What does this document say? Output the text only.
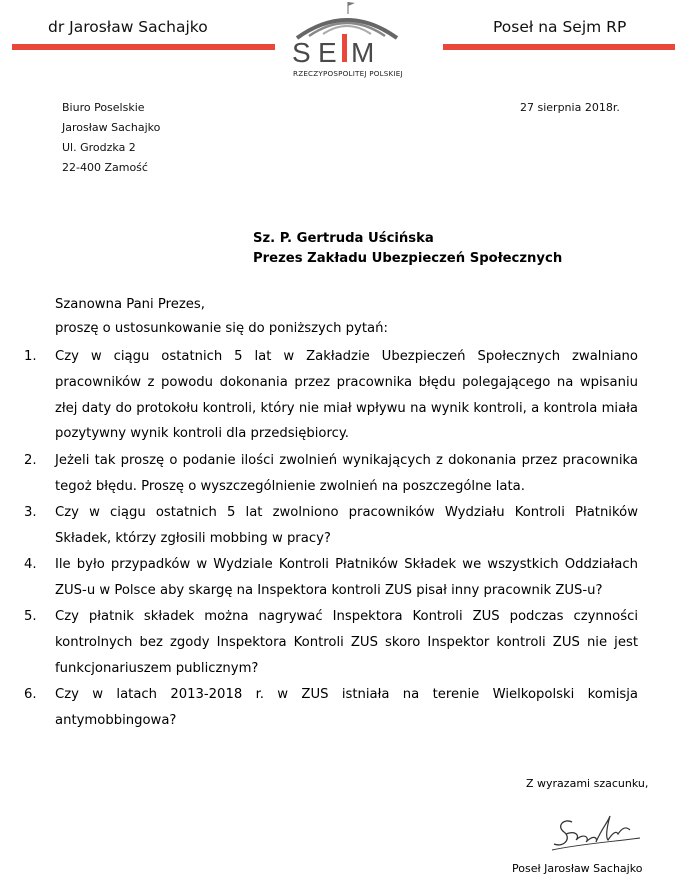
dr Jarosław Sachajko
S E M
RZECZYPOSPOLITEJ POLSKIEJ
Poseł na Sejm RP
Biuro Poselskie
Jarosław Sachajko
Ul. Grodzka 2
22-400 Zamość
27 sierpnia 2018r.
Sz. P. Gertruda Uścińska
Prezes Zakładu Ubezpieczeń Społecznych
Szanowna Pani Prezes,
proszę o ustosunkowanie się do poniższych pytań:
1. Czy w ciągu ostatnich 5 lat w Zakładzie Ubezpieczeń Społecznych zwalniano pracowników z powodu dokonania przez pracownika błędu polegającego na wpisaniu złej daty do protokołu kontroli, który nie miał wpływu na wynik kontroli, a kontrola miała pozytywny wynik kontroli dla przedsiębiorcy.
2. Jeżeli tak proszę o podanie ilości zwolnień wynikających z dokonania przez pracownika tegoż błędu. Proszę o wyszczególnienie zwolnień na poszczególne lata.
3. Czy w ciągu ostatnich 5 lat zwolniono pracowników Wydziału Kontroli Płatników Składek, którzy zgłosili mobbing w pracy?
4. Ile było przypadków w Wydziale Kontroli Płatników Składek we wszystkich Oddziałach ZUS-u w Polsce aby skargę na Inspektora kontroli ZUS pisał inny pracownik ZUS-u?
5. Czy płatnik składek można nagrywać Inspektora Kontroli ZUS podczas czynności kontrolnych bez zgody Inspektora Kontroli ZUS skoro Inspektor kontroli ZUS nie jest funkcjonariuszem publicznym?
6. Czy w latach 2013-2018 r. w ZUS istniała na terenie Wielkopolski komisja antymobbingowa?
Z wyrazami szacunku,
Poseł Jarosław Sachajko
